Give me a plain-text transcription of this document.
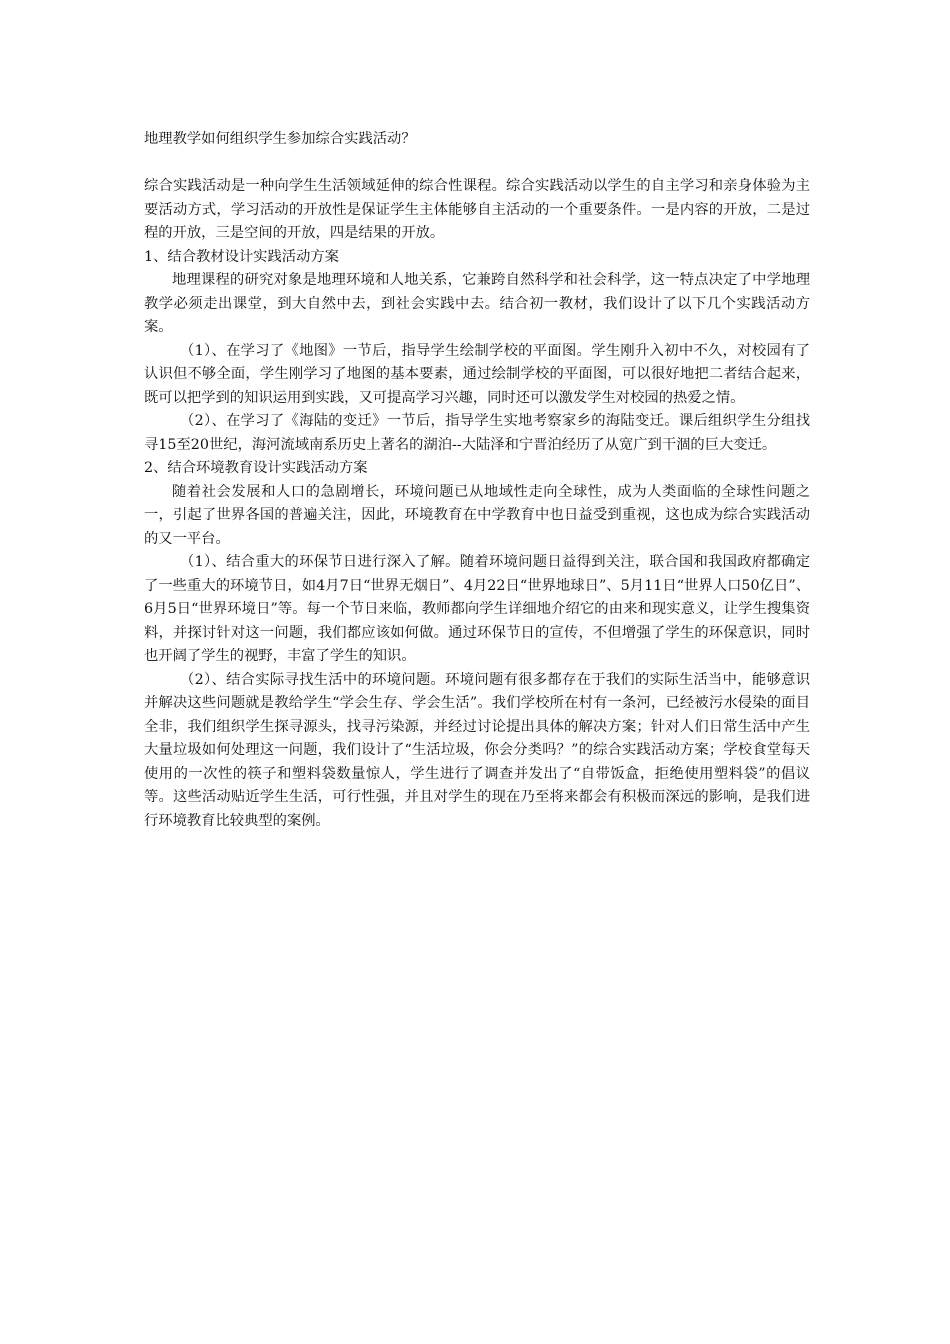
地理教学如何组织学生参加综合实践活动？

综合实践活动是一种向学生生活领域延伸的综合性课程。综合实践活动以学生的自主学习和亲身体验为主要活动方式，学习活动的开放性是保证学生主体能够自主活动的一个重要条件。一是内容的开放，二是过程的开放，三是空间的开放，四是结果的开放。

1、结合教材设计实践活动方案

地理课程的研究对象是地理环境和人地关系，它兼跨自然科学和社会科学，这一特点决定了中学地理教学必须走出课堂，到大自然中去，到社会实践中去。结合初一教材，我们设计了以下几个实践活动方案。

（1）、在学习了《地图》一节后，指导学生绘制学校的平面图。学生刚升入初中不久，对校园有了认识但不够全面，学生刚学习了地图的基本要素，通过绘制学校的平面图，可以很好地把二者结合起来，既可以把学到的知识运用到实践，又可提高学习兴趣，同时还可以激发学生对校园的热爱之情。

（2）、在学习了《海陆的变迁》一节后，指导学生实地考察家乡的海陆变迁。课后组织学生分组找寻15至20世纪，海河流域南系历史上著名的湖泊--大陆泽和宁晋泊经历了从宽广到干涸的巨大变迁。

2、结合环境教育设计实践活动方案

随着社会发展和人口的急剧增长，环境问题已从地域性走向全球性，成为人类面临的全球性问题之一，引起了世界各国的普遍关注，因此，环境教育在中学教育中也日益受到重视，这也成为综合实践活动的又一平台。

（1）、结合重大的环保节日进行深入了解。随着环境问题日益得到关注，联合国和我国政府都确定了一些重大的环境节日，如4月7日“世界无烟日”、4月22日“世界地球日”、5月11日“世界人口50亿日”、6月5日“世界环境日”等。每一个节日来临，教师都向学生详细地介绍它的由来和现实意义，让学生搜集资料，并探讨针对这一问题，我们都应该如何做。通过环保节日的宣传，不但增强了学生的环保意识，同时也开阔了学生的视野，丰富了学生的知识。

（2）、结合实际寻找生活中的环境问题。环境问题有很多都存在于我们的实际生活当中，能够意识并解决这些问题就是教给学生“学会生存、学会生活”。我们学校所在村有一条河，已经被污水侵染的面目全非，我们组织学生探寻源头，找寻污染源，并经过讨论提出具体的解决方案；针对人们日常生活中产生大量垃圾如何处理这一问题，我们设计了“生活垃圾，你会分类吗？”的综合实践活动方案；学校食堂每天使用的一次性的筷子和塑料袋数量惊人，学生进行了调查并发出了“自带饭盒，拒绝使用塑料袋”的倡议等。这些活动贴近学生生活，可行性强，并且对学生的现在乃至将来都会有积极而深远的影响，是我们进行环境教育比较典型的案例。
